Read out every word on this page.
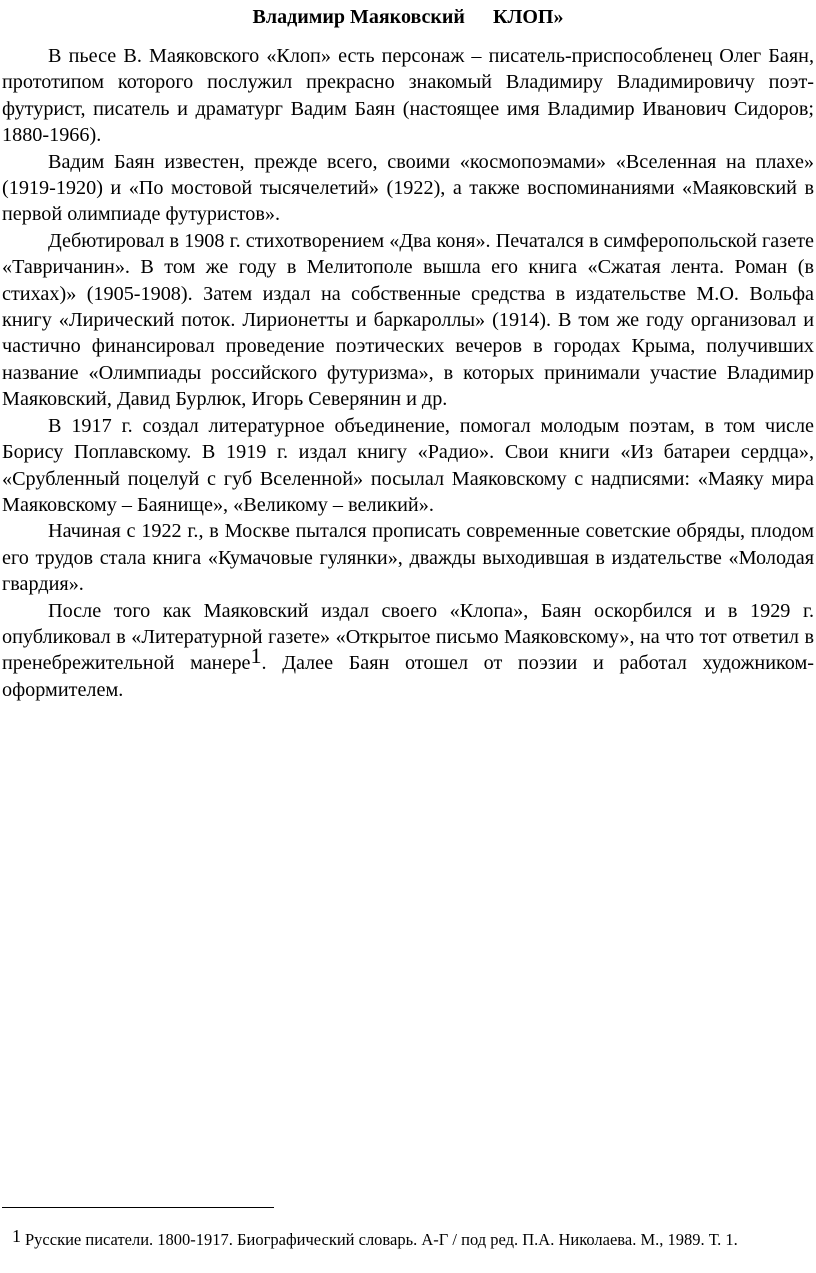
Владимир Маяковский КЛОП»

В пьесе В. Маяковского «Клоп» есть персонаж – писатель-приспособленец Олег Баян, прототипом которого послужил прекрасно знакомый Владимиру Владимировичу поэт-футурист, писатель и драматург Вадим Баян (настоящее имя Владимир Иванович Сидоров; 1880-1966).

Вадим Баян известен, прежде всего, своими «космопоэмами» «Вселенная на плахе» (1919-1920) и «По мостовой тысячелетий» (1922), а также воспоминаниями «Маяковский в первой олимпиаде футуристов».

Дебютировал в 1908 г. стихотворением «Два коня». Печатался в симферопольской газете «Тавричанин». В том же году в Мелитополе вышла его книга «Сжатая лента. Роман (в стихах)» (1905-1908). Затем издал на собственные средства в издательстве М.О. Вольфа книгу «Лирический поток. Лирионетты и баркароллы» (1914). В том же году организовал и частично финансировал проведение поэтических вечеров в городах Крыма, получивших название «Олимпиады российского футуризма», в которых принимали участие Владимир Маяковский, Давид Бурлюк, Игорь Северянин и др.

В 1917 г. создал литературное объединение, помогал молодым поэтам, в том числе Борису Поплавскому. В 1919 г. издал книгу «Радио». Свои книги «Из батареи сердца», «Срубленный поцелуй с губ Вселенной» посылал Маяковскому с надписями: «Маяку мира Маяковскому – Баянище», «Великому – великий».

Начиная с 1922 г., в Москве пытался прописать современные советские обряды, плодом его трудов стала книга «Кумачовые гулянки», дважды выходившая в издательстве «Молодая гвардия».

После того как Маяковский издал своего «Клопа», Баян оскорбился и в 1929 г. опубликовал в «Литературной газете» «Открытое письмо Маяковскому», на что тот ответил в пренебрежительной манере$^1$. Далее Баян отошел от поэзии и работал художником-оформителем.

1 Русские писатели. 1800-1917. Биографический словарь. А-Г / под ред. П.А. Николаева. М., 1989. Т. 1.
